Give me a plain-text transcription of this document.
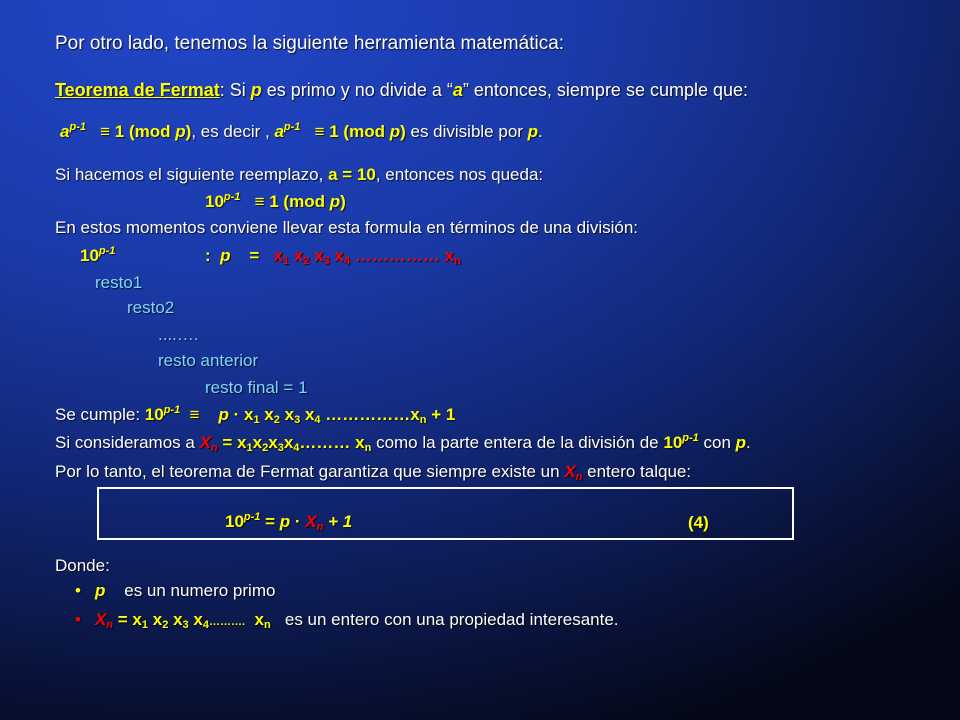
Por otro lado, tenemos la siguiente herramienta matemática:
Teorema de Fermat: Si p es primo y no divide a “a” entonces, siempre se cumple que:
$a^{p-1} \equiv 1$ (mod p), es decir , $a^{p-1} \equiv 1$ (mod p) es divisible por p.
Si hacemos el siguiente reemplazo, a = 10, entonces nos queda:
$10^{p-1} \equiv 1$ (mod p)
En estos momentos conviene llevar esta formula en términos de una división:
10$^{p-1}$	: $p = x_1$ $x_2$ $x_3$ $x_4$ …………… $x_n$
resto1
resto2
....….
resto anterior
resto final = 1
Se cumple: $10^{p-1} \equiv p \cdot x_1$ $x_2$ $x_3$ $x_4$ $\dots\dots\dots\dots\dots x_n + 1$
Si consideramos a $X_n$ = $x_1x_2x_3x_4\dots\dots\dots$ $x_n$ como la parte entera de la división de 10$^{p-1}$ con p.
Por lo tanto, el teorema de Fermat garantiza que siempre existe un $X_n$ entero talque:
$10^{p-1} = p \cdot X_n + 1$	(4)
Donde:
• p es un numero primo
• $X_n = x_1$ $x_2$ $x_3$ $x_4\dots\dots\dots$. $x_n$ es un entero con una propiedad interesante.
